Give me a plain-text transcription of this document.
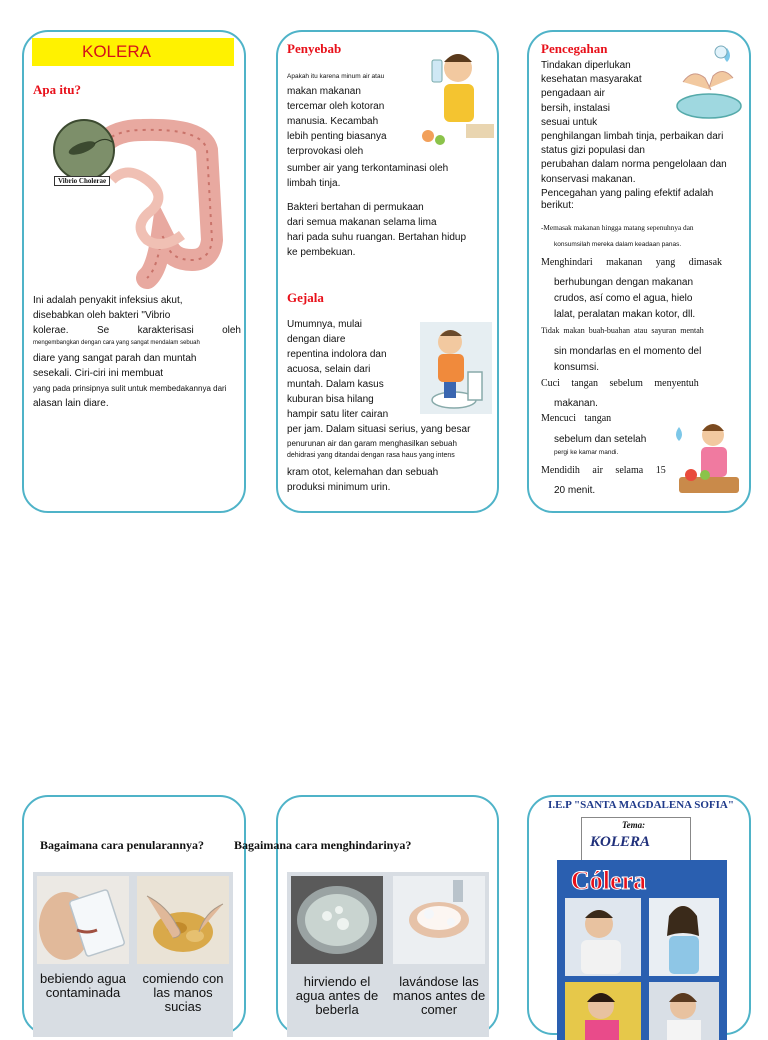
KOLERA
Apa itu?
Vibrio Cholerae
Ini adalah penyakit infeksius akut,
disebabkan oleh bakteri "Vibrio
kolerae.	Se	karakterisasi	oleh
mengembangkan dengan cara yang sangat mendalam sebuah
diare yang sangat parah dan muntah
sesekali. Ciri-ciri ini membuat
yang pada prinsipnya sulit untuk membedakannya dari
alasan lain diare.
Penyebab
Apakah itu karena minum air atau
makan makanan
tercemar oleh kotoran
manusia. Kecambah
lebih penting biasanya
terprovokasi oleh
sumber air yang terkontaminasi oleh
limbah tinja.
Bakteri bertahan di permukaan
dari semua makanan selama lima
hari pada suhu ruangan. Bertahan hidup
ke pembekuan.
Gejala
Umumnya, mulai
dengan diare
repentina indolora dan
acuosa, selain dari
muntah. Dalam kasus
kuburan bisa hilang
hampir satu liter cairan
per jam. Dalam situasi serius, yang besar
penurunan air dan garam menghasilkan sebuah
dehidrasi yang ditandai dengan rasa haus yang intens
kram otot, kelemahan dan sebuah
produksi minimum urin.
Pencegahan
Tindakan diperlukan
kesehatan masyarakat
pengadaan air
bersih, instalasi
sesuai untuk
penghilangan limbah tinja, perbaikan dari
status gizi populasi dan
perubahan dalam norma pengelolaan dan
konservasi makanan.
Pencegahan yang paling efektif adalah
berikut:
-Memasak makanan hingga matang sepenuhnya dan
konsumsilah mereka dalam keadaan panas.
Menghindari makanan yang dimasak
berhubungan dengan makanan
crudos, así como el agua, hielo
lalat, peralatan makan kotor, dll.
Tidak makan buah-buahan atau sayuran mentah
sin mondarlas en el momento del
konsumsi.
Cuci tangan sebelum menyentuh
makanan.
Mencuci tangan
sebelum dan setelah
pergi ke kamar mandi.
Mendidih air selama 15
20 menit.
Bagaimana cara penularannya?
bebiendo agua contaminada
comiendo con las manos sucias
Bagaimana cara menghindarinya?
hirviendo el agua antes de beberla
lavándose las manos antes de comer
I.E.P "SANTA MAGDALENA SOFIA"
Tema:
KOLERA
Cólera
